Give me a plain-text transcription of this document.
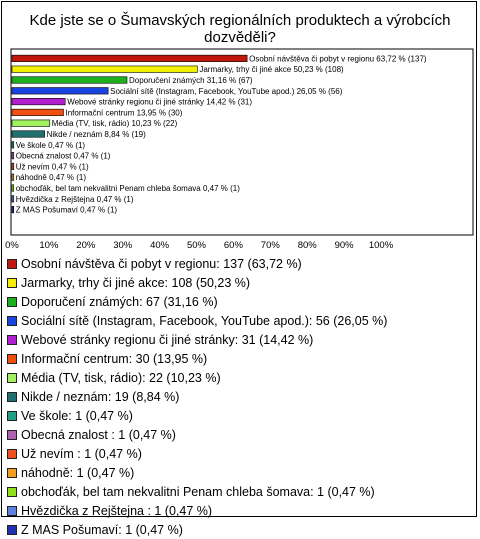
Kde jste se o Šumavských regionálních produktech a výrobcích dozvěděli?
Osobní návštěva či pobyt v regionu 63,72 % (137)
Jarmarky, trhy či jiné akce 50,23 % (108)
Doporučení známých 31,16 % (67)
Sociální sítě (Instagram, Facebook, YouTube apod.) 26,05 % (56)
Webové stránky regionu či jiné stránky 14,42 % (31)
Informační centrum 13,95 % (30)
Média (TV, tisk, rádio) 10,23 % (22)
Nikde / neznám 8,84 % (19)
Ve škole 0,47 % (1)
Obecná znalost 0,47 % (1)
Už nevím 0,47 % (1)
náhodně 0,47 % (1)
obchoďák, bel tam nekvalitni Penam chleba šomava 0,47 % (1)
Hvězdička z Rejštejna 0,47 % (1)
Z MAS Pošumaví 0,47 % (1)
0% 10% 20% 30% 40% 50% 60% 70% 80% 90% 100%
Osobní návštěva či pobyt v regionu: 137 (63,72 %)
Jarmarky, trhy či jiné akce: 108 (50,23 %)
Doporučení známých: 67 (31,16 %)
Sociální sítě (Instagram, Facebook, YouTube apod.): 56 (26,05 %)
Webové stránky regionu či jiné stránky: 31 (14,42 %)
Informační centrum: 30 (13,95 %)
Média (TV, tisk, rádio): 22 (10,23 %)
Nikde / neznám: 19 (8,84 %)
Ve škole: 1 (0,47 %)
Obecná znalost : 1 (0,47 %)
Už nevím : 1 (0,47 %)
náhodně: 1 (0,47 %)
obchoďák, bel tam nekvalitni Penam chleba šomava: 1 (0,47 %)
Hvězdička z Rejštejna : 1 (0,47 %)
Z MAS Pošumaví: 1 (0,47 %)
